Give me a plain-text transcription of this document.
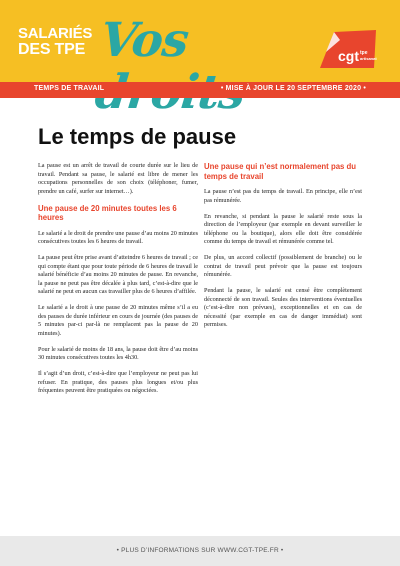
SALARIÉS
DES TPE Vos	cgt tpe
artisanat
TEMPS DE TRAVAIL	• MISE À JOUR LE 20 SEPTEMBRE 2020 •
Le temps de pause

La pause est un arrêt de travail de courte durée sur le lieu de travail. Pendant sa pause, le salarié est libre de mener les occupations personnelles de son choix (téléphoner, fumer, prendre un café, surfer sur internet…).

Une pause de 20 minutes toutes les 6 heures

Le salarié a le droit de prendre une pause d’au moins 20 minutes consécutives toutes les 6 heures de travail.

La pause peut être prise avant d’atteindre 6 heures de travail ; ce qui compte étant que pour toute période de 6 heures de travail le salarié bénéficie d’au moins 20 minutes de pause. En revanche, la pause ne peut pas être décalée à plus tard, c’est-à-dire que le salarié ne peut en aucun cas travailler plus de 6 heures d’affilée.

Le salarié a le droit à une pause de 20 minutes même s’il a eu des pauses de durée inférieur en cours de journée (des pauses de 5 minutes par-ci par-là ne remplacent pas la pause de 20 minutes).

Pour le salarié de moins de 18 ans, la pause doit être d’au moins 30 minutes consécutives toutes les 4h30.

Il s’agit d’un droit, c’est-à-dire que l’employeur ne peut pas lui refuser. En pratique, des pauses plus longues et/ou plus fréquentes peuvent être pratiquées ou négociées.

Une pause qui n’est normalement pas du temps de travail

La pause n’est pas du temps de travail. En principe, elle n’est pas rémunérée.

En revanche, si pendant la pause le salarié reste sous la direction de l’employeur (par exemple en devant surveiller le téléphone ou la boutique), alors elle doit être considérée comme du temps de travail et rémunérée comme tel.

De plus, un accord collectif (possiblement de branche) ou le contrat de travail peut prévoir que la pause est toujours rémunérée.

Pendant la pause, le salarié est censé être complètement déconnecté de son travail. Seules des interventions éventuelles (c’est-à-dire non prévues), exceptionnelles et en cas de nécessité (par exemple en cas de danger immédiat) sont permises.

• PLUS D’INFORMATIONS SUR WWW.CGT-TPE.FR •
